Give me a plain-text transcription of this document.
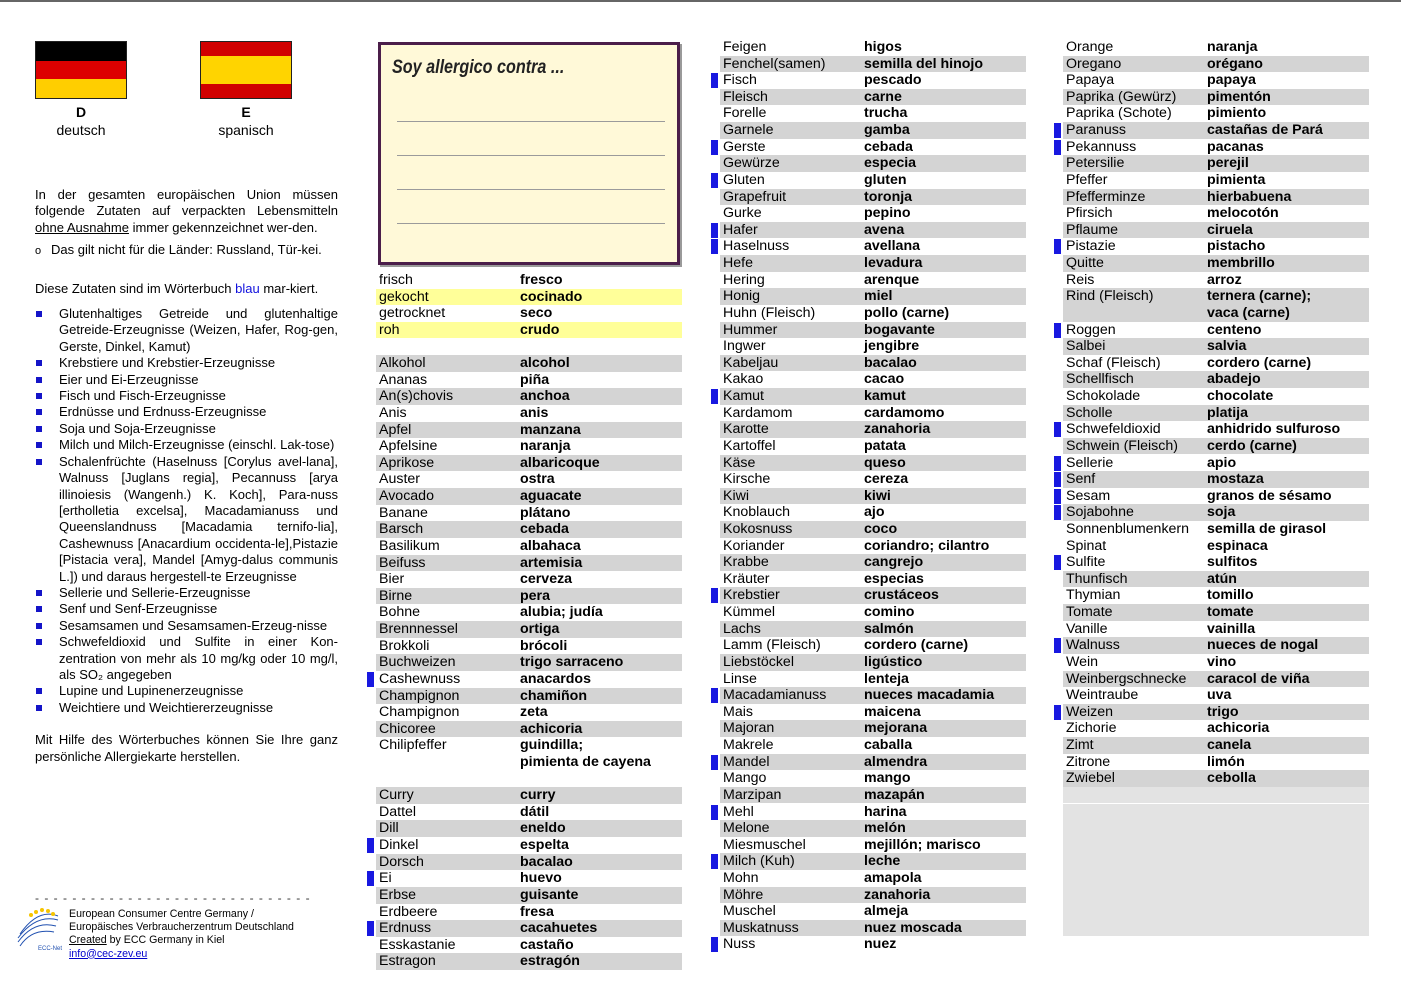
D
deutsch
E
spanisch

In der gesamten europäischen Union müssen folgende Zutaten auf verpackten Lebensmitteln ohne Ausnahme immer gekennzeichnet wer-den.

o Das gilt nicht für die Länder: Russland, Tür-kei.

Diese Zutaten sind im Wörterbuch blau mar-kiert.

Glutenhaltiges Getreide und glutenhaltige Getreide-Erzeugnisse (Weizen, Hafer, Rog-gen, Gerste, Dinkel, Kamut)
Krebstiere und Krebstier-Erzeugnisse
Eier und Ei-Erzeugnisse
Fisch und Fisch-Erzeugnisse
Erdnüsse und Erdnuss-Erzeugnisse
Soja und Soja-Erzeugnisse
Milch und Milch-Erzeugnisse (einschl. Lak-tose)
Schalenfrüchte (Haselnuss [Corylus avel-lana], Walnuss [Juglans regia], Pecannuss [arya illinoiesis (Wangenh.) K. Koch], Para-nuss [ertholletia excelsa], Macadamianuss und Queenslandnuss [Macadamia ternifo-lia], Cashewnuss [Anacardium occidenta-le],Pistazie [Pistacia vera], Mandel [Amyg-dalus communis L.]) und daraus hergestell-te Erzeugnisse
Sellerie und Sellerie-Erzeugnisse
Senf und Senf-Erzeugnisse
Sesamsamen und Sesamsamen-Erzeug-nisse
Schwefeldioxid und Sulfite in einer Kon-zentration von mehr als 10 mg/kg oder 10 mg/l, als SO₂ angegeben
Lupine und Lupinenerzeugnisse
Weichtiere und Weichtiererzeugnisse

Mit Hilfe des Wörterbuches können Sie Ihre ganz persönliche Allergiekarte herstellen.

- - - - - - - - - - - - - - - - - - - - - - - - - - - - - -
ECC-Net
European Consumer Centre Germany /
Europäisches Verbraucherzentrum Deutschland
Created by ECC Germany in Kiel
info@cec-zev.eu
Soy allergico contra ...
frisch	fresco
gekocht	cocinado
getrocknet	seco
roh	crudo
Alkohol	alcohol
Ananas	piña
An(s)chovis	anchoa
Anis	anis
Apfel	manzana
Apfelsine	naranja
Aprikose	albaricoque
Auster	ostra
Avocado	aguacate
Banane	plátano
Barsch	cebada
Basilikum	albahaca
Beifuss	artemisia
Bier	cerveza
Birne	pera
Bohne	alubia; judía
Brennnessel	ortiga
Brokkoli	brócoli
Buchweizen	trigo sarraceno
Cashewnuss	anacardos
Champignon	chamiñon
Champignon	zeta
Chicoree	achicoria
Chilipfeffer	guindilla;
pimienta de cayena
Curry	curry
Dattel	dátil
Dill	eneldo
Dinkel	espelta
Dorsch	bacalao
Ei	huevo
Erbse	guisante
Erdbeere	fresa
Erdnuss	cacahuetes
Esskastanie	castaño
Estragon	estragón
Feigen	higos
Fenchel(samen)	semilla del hinojo
Fisch	pescado
Fleisch	carne
Forelle	trucha
Garnele	gamba
Gerste	cebada
Gewürze	especia
Gluten	gluten
Grapefruit	toronja
Gurke	pepino
Hafer	avena
Haselnuss	avellana
Hefe	levadura
Hering	arenque
Honig	miel
Huhn (Fleisch)	pollo (carne)
Hummer	bogavante
Ingwer	jengibre
Kabeljau	bacalao
Kakao	cacao
Kamut	kamut
Kardamom	cardamomo
Karotte	zanahoria
Kartoffel	patata
Käse	queso
Kirsche	cereza
Kiwi	kiwi
Knoblauch	ajo
Kokosnuss	coco
Koriander	coriandro; cilantro
Krabbe	cangrejo
Kräuter	especias
Krebstier	crustáceos
Kümmel	comino
Lachs	salmón
Lamm (Fleisch)	cordero (carne)
Liebstöckel	ligústico
Linse	lenteja
Macadamianuss	nueces macadamia
Mais	maicena
Majoran	mejorana
Makrele	caballa
Mandel	almendra
Mango	mango
Marzipan	mazapán
Mehl	harina
Melone	melón
Miesmuschel	mejillón; marisco
Milch (Kuh)	leche
Mohn	amapola
Möhre	zanahoria
Muschel	almeja
Muskatnuss	nuez moscada
Nuss	nuez
Orange	naranja
Oregano	orégano
Papaya	papaya
Paprika (Gewürz) pimentón
Paprika (Schote) pimiento
Paranuss	castañas de Pará
Pekannuss	pacanas
Petersilie	perejil
Pfeffer	pimienta
Pfefferminze	hierbabuena
Pfirsich	melocotón
Pflaume	ciruela
Pistazie	pistacho
Quitte	membrillo
Reis	arroz
Rind (Fleisch)	ternera (carne);
vaca (carne)
Roggen	centeno
Salbei	salvia
Schaf (Fleisch)	cordero (carne)
Schellfisch	abadejo
Schokolade	chocolate
Scholle	platija
Schwefeldioxid	anhidrido sulfuroso
Schwein (Fleisch) cerdo (carne)
Sellerie	apio
Senf	mostaza
Sesam	granos de sésamo
Sojabohne	soja
Sonnenblumenkern semilla de girasol
Spinat	espinaca
Sulfite	sulfitos
Thunfisch	atún
Thymian	tomillo
Tomate	tomate
Vanille	vainilla
Walnuss	nueces de nogal
Wein	vino
Weinbergschnecke caracol de viña
Weintraube	uva
Weizen	trigo
Zichorie	achicoria
Zimt	canela
Zitrone	limón
Zwiebel	cebolla
